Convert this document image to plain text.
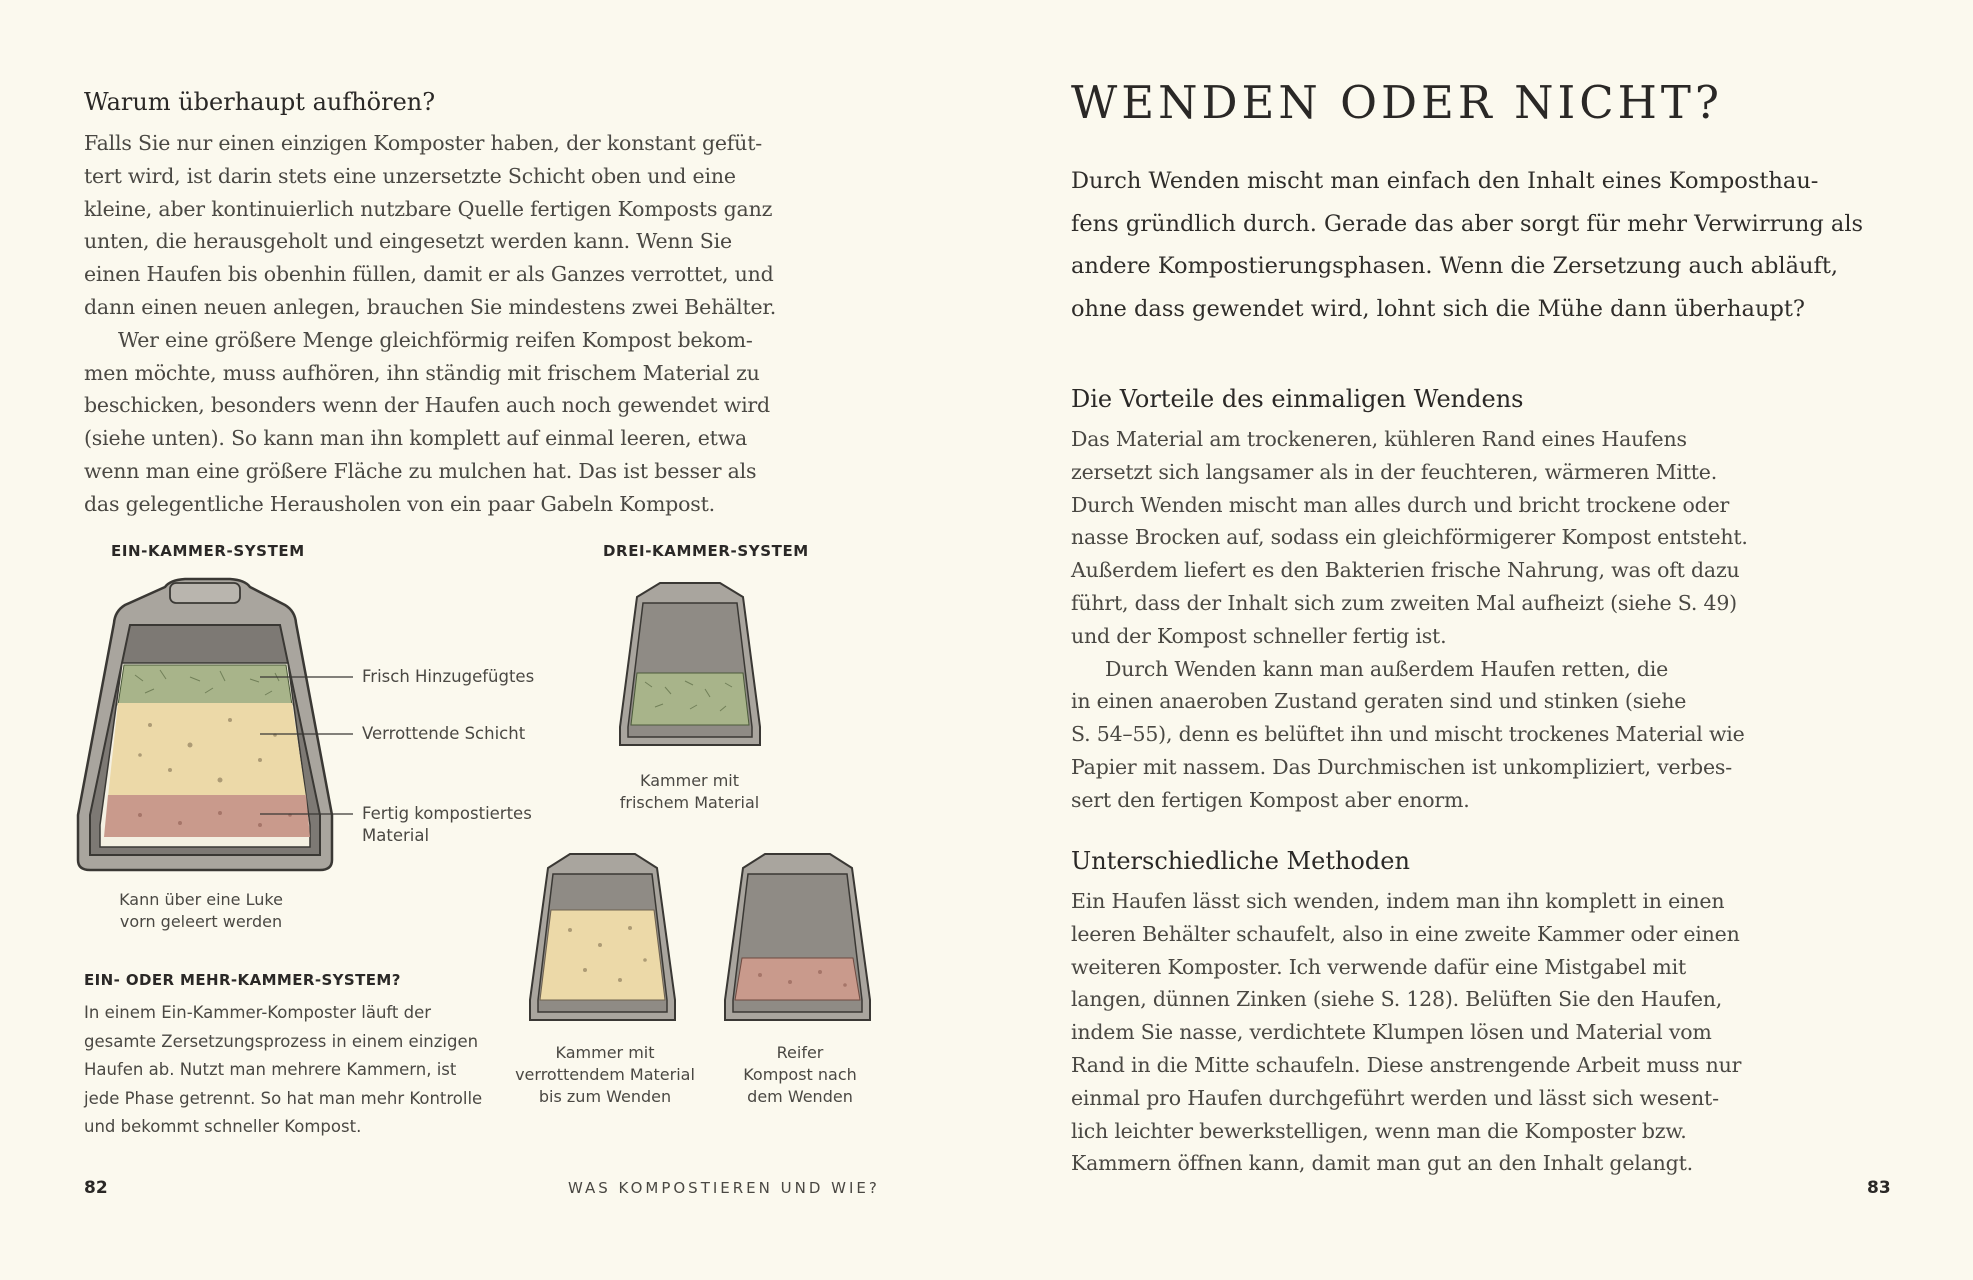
Warum überhaupt aufhören?
Falls Sie nur einen einzigen Komposter haben, der konstant gefüt-
tert wird, ist darin stets eine unzersetzte Schicht oben und eine
kleine, aber kontinuierlich nutzbare Quelle fertigen Komposts ganz
unten, die herausgeholt und eingesetzt werden kann. Wenn Sie
einen Haufen bis obenhin füllen, damit er als Ganzes verrottet, und
dann einen neuen anlegen, brauchen Sie mindestens zwei Behälter.
Wer eine größere Menge gleichförmig reifen Kompost bekom-
men möchte, muss aufhören, ihn ständig mit frischem Material zu
beschicken, besonders wenn der Haufen auch noch gewendet wird
(siehe unten). So kann man ihn komplett auf einmal leeren, etwa
wenn man eine größere Fläche zu mulchen hat. Das ist besser als
das gelegentliche Herausholen von ein paar Gabeln Kompost.
EIN-KAMMER-SYSTEM	DREI-KAMMER-SYSTEM
Frisch Hinzugefügtes
Verrottende Schicht
Fertig kompostiertes
Material
Kann über eine Luke
vorn geleert werden
Kammer mit
frischem Material
Kammer mit
verrottendem Material
bis zum Wenden
Reifer
Kompost nach
dem Wenden
EIN- ODER MEHR-KAMMER-SYSTEM?
In einem Ein-Kammer-Komposter läuft der
gesamte Zersetzungsprozess in einem einzigen
Haufen ab. Nutzt man mehrere Kammern, ist
jede Phase getrennt. So hat man mehr Kontrolle
und bekommt schneller Kompost.
82	WAS KOMPOSTIEREN UND WIE?
WENDEN ODER NICHT?
Durch Wenden mischt man einfach den Inhalt eines Komposthau-
fens gründlich durch. Gerade das aber sorgt für mehr Verwirrung als
andere Kompostierungsphasen. Wenn die Zersetzung auch abläuft,
ohne dass gewendet wird, lohnt sich die Mühe dann überhaupt?
Die Vorteile des einmaligen Wendens
Das Material am trockeneren, kühleren Rand eines Haufens
zersetzt sich langsamer als in der feuchteren, wärmeren Mitte.
Durch Wenden mischt man alles durch und bricht trockene oder
nasse Brocken auf, sodass ein gleichförmigerer Kompost entsteht.
Außerdem liefert es den Bakterien frische Nahrung, was oft dazu
führt, dass der Inhalt sich zum zweiten Mal aufheizt (siehe S. 49)
und der Kompost schneller fertig ist.
Durch Wenden kann man außerdem Haufen retten, die
in einen anaeroben Zustand geraten sind und stinken (siehe
S. 54–55), denn es belüftet ihn und mischt trockenes Material wie
Papier mit nassem. Das Durchmischen ist unkompliziert, verbes-
sert den fertigen Kompost aber enorm.
Unterschiedliche Methoden
Ein Haufen lässt sich wenden, indem man ihn komplett in einen
leeren Behälter schaufelt, also in eine zweite Kammer oder einen
weiteren Komposter. Ich verwende dafür eine Mistgabel mit
langen, dünnen Zinken (siehe S. 128). Belüften Sie den Haufen,
indem Sie nasse, verdichtete Klumpen lösen und Material vom
Rand in die Mitte schaufeln. Diese anstrengende Arbeit muss nur
einmal pro Haufen durchgeführt werden und lässt sich wesent-
lich leichter bewerkstelligen, wenn man die Komposter bzw.
Kammern öffnen kann, damit man gut an den Inhalt gelangt.
83
